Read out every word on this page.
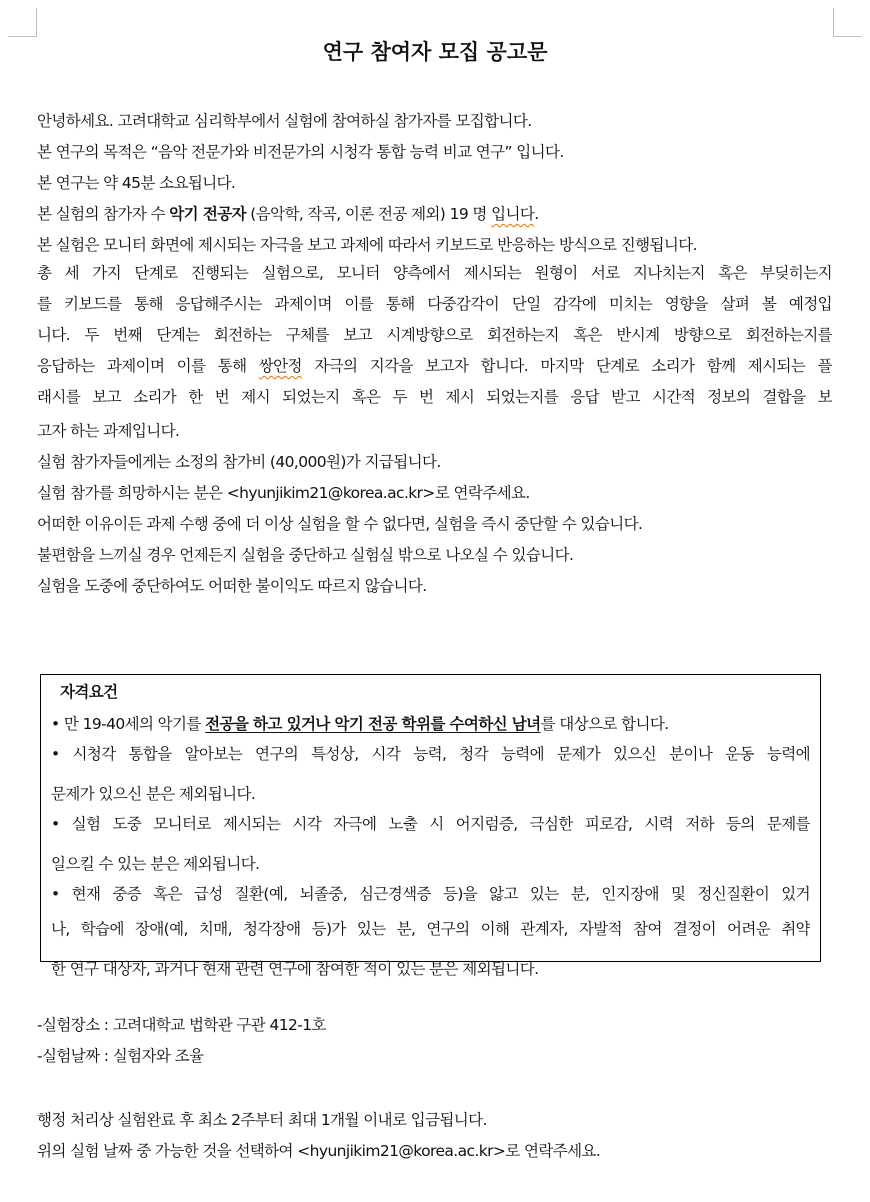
연구 참여자 모집 공고문
안녕하세요. 고려대학교 심리학부에서 실험에 참여하실 참가자를 모집합니다.
본 연구의 목적은 “음악 전문가와 비전문가의 시청각 통합 능력 비교 연구” 입니다.
본 연구는 약 45분 소요됩니다.
본 실험의 참가자 수 악기 전공자 (음악학, 작곡, 이론 전공 제외) 19 명 입니다.
본 실험은 모니터 화면에 제시되는 자극을 보고 과제에 따라서 키보드로 반응하는 방식으로 진행됩니다.
총 세 가지 단계로 진행되는 실험으로, 모니터 양측에서 제시되는 원형이 서로 지나치는지 혹은 부딪히는지
를 키보드를 통해 응답해주시는 과제이며 이를 통해 다중감각이 단일 감각에 미치는 영향을 살펴 볼 예정입
니다. 두 번째 단계는 회전하는 구체를 보고 시계방향으로 회전하는지 혹은 반시계 방향으로 회전하는지를
응답하는 과제이며 이를 통해 쌍안정 자극의 지각을 보고자 합니다. 마지막 단계로 소리가 함께 제시되는 플
래시를 보고 소리가 한 번 제시 되었는지 혹은 두 번 제시 되었는지를 응답 받고 시간적 정보의 결합을 보
고자 하는 과제입니다.
실험 참가자들에게는 소정의 참가비 (40,000원)가 지급됩니다.
실험 참가를 희망하시는 분은 <hyunjikim21@korea.ac.kr>로 연락주세요.
어떠한 이유이든 과제 수행 중에 더 이상 실험을 할 수 없다면, 실험을 즉시 중단할 수 있습니다.
불편함을 느끼실 경우 언제든지 실험을 중단하고 실험실 밖으로 나오실 수 있습니다.
실험을 도중에 중단하여도 어떠한 불이익도 따르지 않습니다.
자격요건
• 만 19-40세의 악기를 전공을 하고 있거나 악기 전공 학위를 수여하신 남녀를 대상으로 합니다.
• 시청각 통합을 알아보는 연구의 특성상, 시각 능력, 청각 능력에 문제가 있으신 분이나 운동 능력에
문제가 있으신 분은 제외됩니다.
• 실험 도중 모니터로 제시되는 시각 자극에 노출 시 어지럼증, 극심한 피로감, 시력 저하 등의 문제를
일으킬 수 있는 분은 제외됩니다.
• 현재 중증 혹은 급성 질환(예, 뇌졸중, 심근경색증 등)을 앓고 있는 분, 인지장애 및 정신질환이 있거
나, 학습에 장애(예, 치매, 청각장애 등)가 있는 분, 연구의 이해 관계자, 자발적 참여 결정이 어려운 취약
한 연구 대상자, 과거나 현재 관련 연구에 참여한 적이 있는 분은 제외됩니다.
-실험장소 : 고려대학교 법학관 구관 412-1호
-실험날짜 : 실험자와 조율
행정 처리상 실험완료 후 최소 2주부터 최대 1개월 이내로 입금됩니다.
위의 실험 날짜 중 가능한 것을 선택하여 <hyunjikim21@korea.ac.kr>로 연락주세요.
